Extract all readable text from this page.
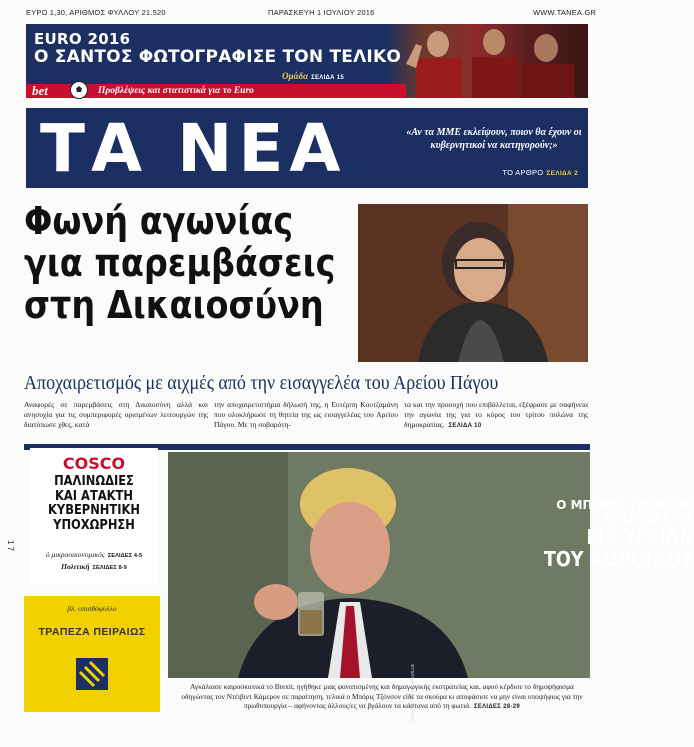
ΕΥΡΩ 1,30, ΑΡΙΘΜΟΣ ΦΥΛΛΟΥ 21.520	ΠΑΡΑΣΚΕΥΗ 1 ΙΟΥΛΙΟΥ 2016	WWW.TANEA.GR
EURO 2016
Ο ΣΑΝΤΟΣ ΦΩΤΟΓΡΑΦΙΣΕ ΤΟΝ ΤΕΛΙΚΟ
Ομάδα ΣΕΛΙΔΑ 15
bet	Προβλέψεις και στατιστικά για το Euro
ΤΑ ΝΕΑ	«Αν τα ΜΜΕ εκλείψουν, ποιον θα έχουν οι κυβερνητικοί να κατηγορούν;»
ΤΟ ΑΡΘΡΟ ΣΕΛΙΔΑ 2
Φωνή αγωνίας
για παρεμβάσεις
στη Δικαιοσύνη
Αποχαιρετισμός με αιχμές από την εισαγγελέα του Αρείου Πάγου
Αναφορές σε παρεμβάσεις στη Δικαιοσύνη αλλά και ανησυχία για τις συμπεριφορές ορισμένων λειτουργών της διατύπωσε χθες, κατά
την αποχαιρετιστήρια δήλωσή της, η Ευτέρπη Κουτζαμάνη που ολοκλήρωσε τη θητεία της ως εισαγγελέας του Αρείου Πάγου. Με τη σοβαρότη-
τα και την προσοχή που επιβάλλεται, εξέφρασε με σαφήνεια την αγωνία της για το κύρος του τρίτου πυλώνα της δημοκρατίας. ΣΕΛΙΔΑ 10
COSCO
ΠΑΛΙΝΩΔΙΕΣ
ΚΑΙ ΑΤΑΚΤΗ
ΚΥΒΕΡΝΗΤΙΚΗ
ΥΠΟΧΩΡΗΣΗ
ὁ μικροοικονομικός ΣΕΛΙΔΕΣ 4-5
Πολιτική ΣΕΛΙΔΕΣ 8-9
1 7
βλ. οπισθόφυλλο
ΤΡΑΠΕΖΑ ΠΕΙΡΑΙΩΣ
Ο ΜΠΟΡΙΣ ΤΖΟΝΣΟΝ
ΕΓΚΑΤΕΛΕΙΨΕ
ΕΙΣ ΥΓΕΙΑΝ
ΤΟΥ ΚΟΡΟΪΔΟΥ
REUTERS/TOBY MELVILLE
Αγκάλιασε καιροσκοπικά το Brexit, ηγήθηκε μιας φανατισμένης και δημαγωγικής εκστρατείας και, αφού κέρδισε το δημοψήφισμα οδηγώντας τον Ντέιβιντ Κάμερον σε παραίτηση, τελικά ο Μπόρις Τζόνσον είδε τα σκούρα κι αποφάσισε να μην είναι υποψήφιος για την πρωθυπουργία – αφήνοντας άλλους/ες να βγάλουν τα κάστανα από τη φωτιά. ΣΕΛΙΔΕΣ 28-29
